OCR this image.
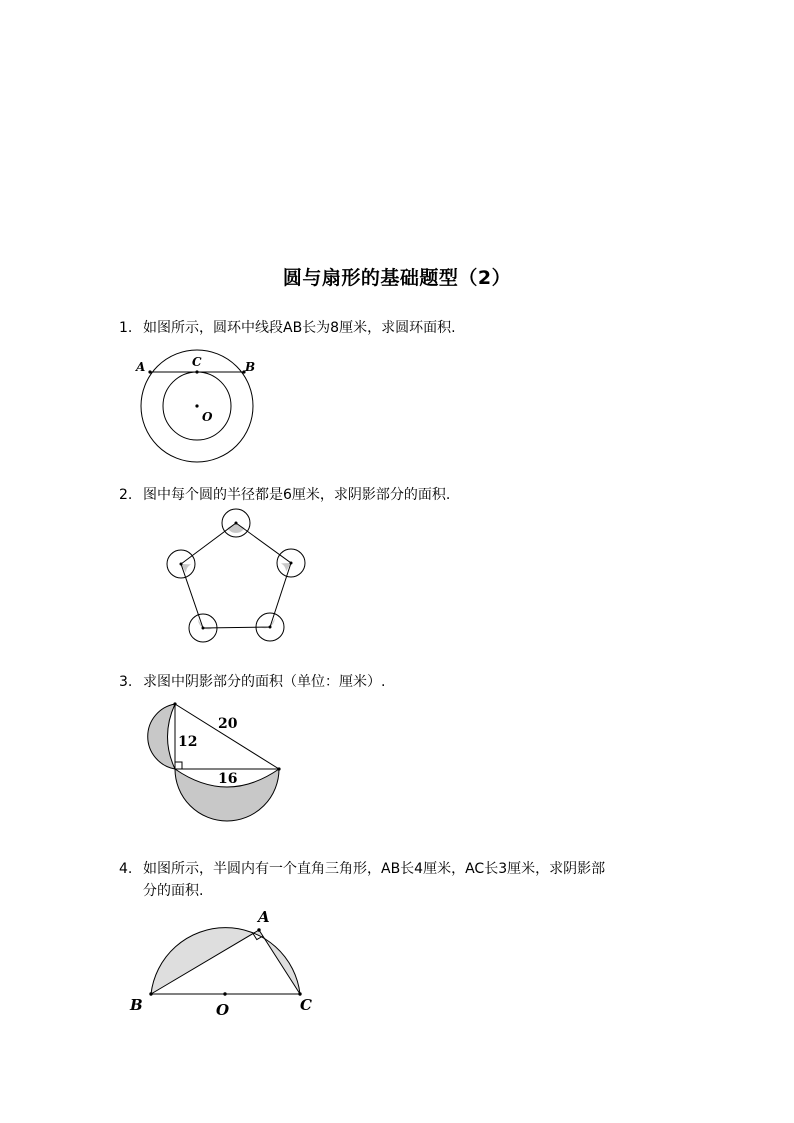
圆与扇形的基础题型（2）
1. 如图所示，圆环中线段AB长为8厘米，求圆环面积.
A	B
C
O
2. 图中每个圆的半径都是6厘米，求阴影部分的面积.
3. 求图中阴影部分的面积（单位：厘米）.
20
12
16
4. 如图所示，半圆内有一个直角三角形，AB长4厘米，AC长3厘米，求阴影部
分的面积.
A
B	C
O
